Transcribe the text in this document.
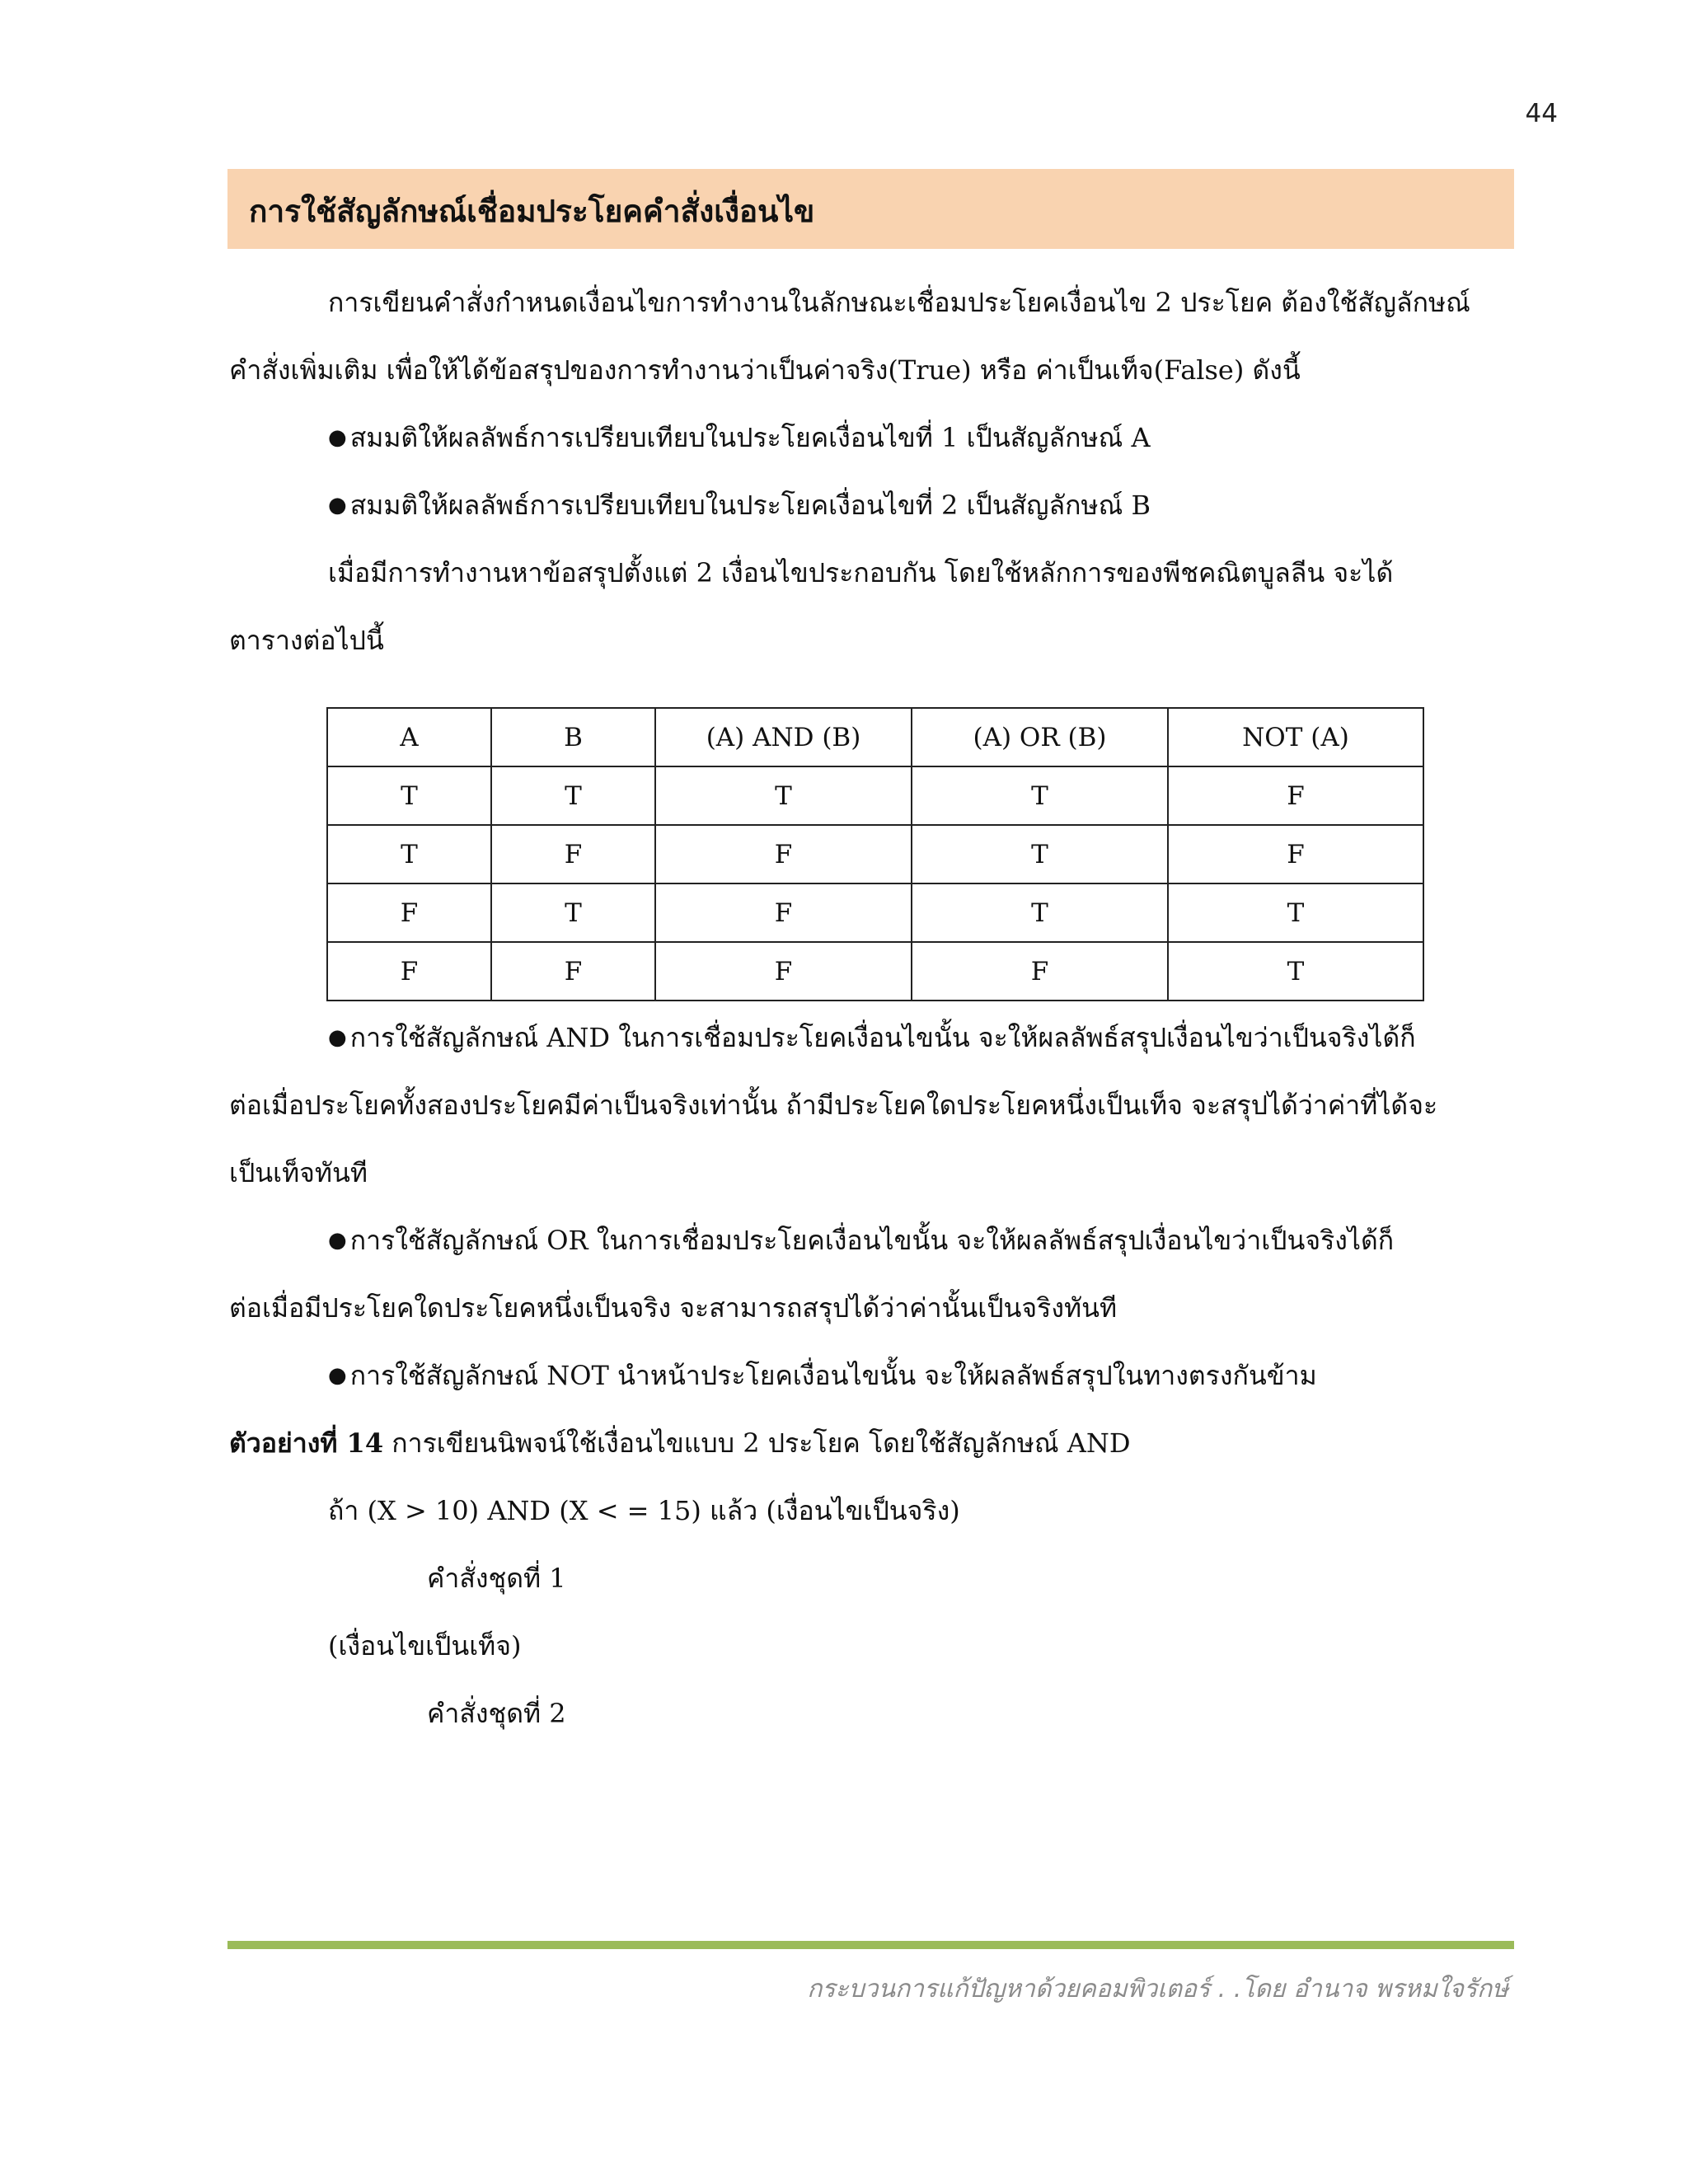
44
การใช้สัญลักษณ์เชื่อมประโยคคำสั่งเงื่อนไข
การเขียนคำสั่งกำหนดเงื่อนไขการทำงานในลักษณะเชื่อมประโยคเงื่อนไข 2 ประโยค ต้องใช้สัญลักษณ์
คำสั่งเพิ่มเติม เพื่อให้ได้ข้อสรุปของการทำงานว่าเป็นค่าจริง(True) หรือ ค่าเป็นเท็จ(False) ดังนี้
● สมมติให้ผลลัพธ์การเปรียบเทียบในประโยคเงื่อนไขที่ 1 เป็นสัญลักษณ์ A
● สมมติให้ผลลัพธ์การเปรียบเทียบในประโยคเงื่อนไขที่ 2 เป็นสัญลักษณ์ B
เมื่อมีการทำงานหาข้อสรุปตั้งแต่ 2 เงื่อนไขประกอบกัน โดยใช้หลักการของพีชคณิตบูลลีน จะได้
ตารางต่อไปนี้
A	B	(A) AND (B)	(A) OR (B)	NOT (A)
T	T	T	T	F
T	F	F	T	F
F	T	F	T	T
F	F	F	F	T
● การใช้สัญลักษณ์ AND ในการเชื่อมประโยคเงื่อนไขนั้น จะให้ผลลัพธ์สรุปเงื่อนไขว่าเป็นจริงได้ก็
ต่อเมื่อประโยคทั้งสองประโยคมีค่าเป็นจริงเท่านั้น ถ้ามีประโยคใดประโยคหนึ่งเป็นเท็จ จะสรุปได้ว่าค่าที่ได้จะ
เป็นเท็จทันที
● การใช้สัญลักษณ์ OR ในการเชื่อมประโยคเงื่อนไขนั้น จะให้ผลลัพธ์สรุปเงื่อนไขว่าเป็นจริงได้ก็
ต่อเมื่อมีประโยคใดประโยคหนึ่งเป็นจริง จะสามารถสรุปได้ว่าค่านั้นเป็นจริงทันที
● การใช้สัญลักษณ์ NOT นำหน้าประโยคเงื่อนไขนั้น จะให้ผลลัพธ์สรุปในทางตรงกันข้าม
ตัวอย่างที่ 14 การเขียนนิพจน์ใช้เงื่อนไขแบบ 2 ประโยค โดยใช้สัญลักษณ์ AND
ถ้า (X > 10) AND (X < = 15) แล้ว (เงื่อนไขเป็นจริง)
คำสั่งชุดที่ 1
(เงื่อนไขเป็นเท็จ)
คำสั่งชุดที่ 2
กระบวนการแก้ปัญหาด้วยคอมพิวเตอร์ . .โดย อำนาจ พรหมใจรักษ์
